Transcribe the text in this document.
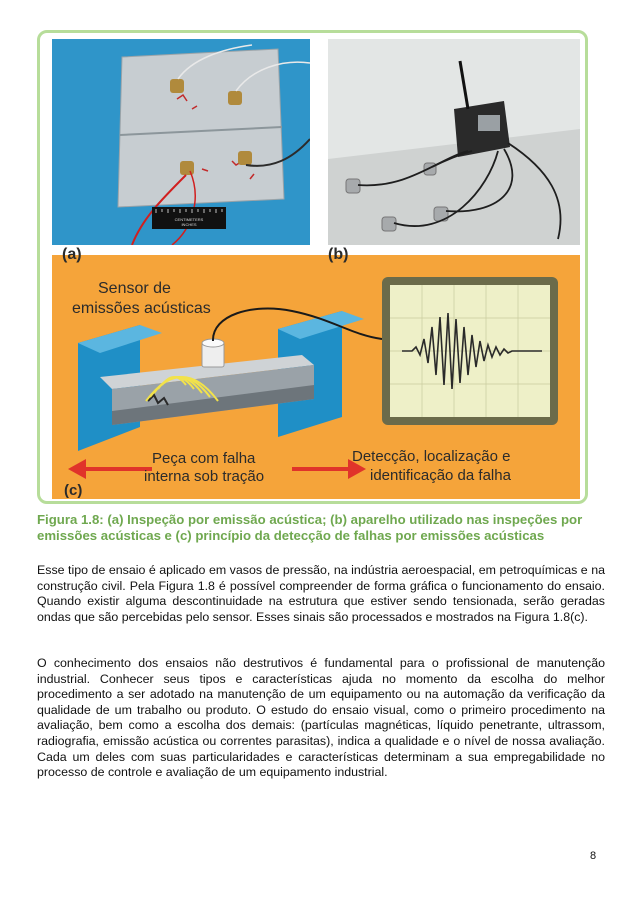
CENTIMETERS
INCHES
Sensor de
emissões acústicas
Peça com falha
interna sob tração
Detecção, localização e
identificação da falha
(c)
(a)	(b)
Figura 1.8: (a) Inspeção por emissão acústica; (b) aparelho utilizado nas inspeções por
emissões acústicas e (c) princípio da detecção de falhas por emissões acústicas
Esse tipo de ensaio é aplicado em vasos de pressão, na indústria aeroespacial, em petroquímicas e na construção civil. Pela Figura 1.8 é possível compreender de forma gráfica o funcionamento do ensaio. Quando existir alguma descontinuidade na estrutura que estiver sendo tensionada, serão geradas ondas que são percebidas pelo sensor. Esses sinais são processados e mostrados na Figura 1.8(c).
O conhecimento dos ensaios não destrutivos é fundamental para o profissional de manutenção industrial. Conhecer seus tipos e características ajuda no momento da escolha do melhor procedimento a ser adotado na manutenção de um equipamento ou na automação da verificação da qualidade de um trabalho ou produto. O estudo do ensaio visual, como o primeiro procedimento na avaliação, bem como a escolha dos demais: (partículas magnéticas, líquido penetrante, ultrassom, radiografia, emissão acústica ou correntes parasitas), indica a qualidade e o nível de nossa avaliação. Cada um deles com suas particularidades e características determinam a sua empregabilidade no processo de controle e avaliação de um equipamento industrial.
8
